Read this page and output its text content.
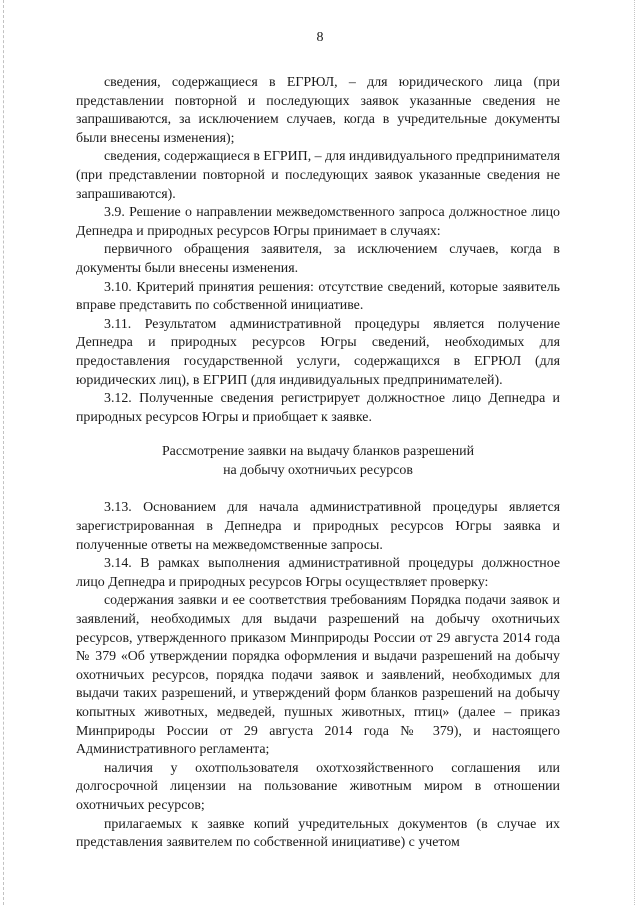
8

сведения, содержащиеся в ЕГРЮЛ, – для юридического лица (при представлении повторной и последующих заявок указанные сведения не запрашиваются, за исключением случаев, когда в учредительные документы были внесены изменения);

сведения, содержащиеся в ЕГРИП, – для индивидуального предпринимателя (при представлении повторной и последующих заявок указанные сведения не запрашиваются).

3.9. Решение о направлении межведомственного запроса должностное лицо Депнедра и природных ресурсов Югры принимает в случаях:

первичного обращения заявителя, за исключением случаев, когда в документы были внесены изменения.

3.10. Критерий принятия решения: отсутствие сведений, которые заявитель вправе представить по собственной инициативе.

3.11. Результатом административной процедуры является получение Депнедра и природных ресурсов Югры сведений, необходимых для предоставления государственной услуги, содержащихся в ЕГРЮЛ (для юридических лиц), в ЕГРИП (для индивидуальных предпринимателей).

3.12. Полученные сведения регистрирует должностное лицо Депнедра и природных ресурсов Югры и приобщает к заявке.

Рассмотрение заявки на выдачу бланков разрешений
на добычу охотничьих ресурсов

3.13. Основанием для начала административной процедуры является зарегистрированная в Депнедра и природных ресурсов Югры заявка и полученные ответы на межведомственные запросы.

3.14. В рамках выполнения административной процедуры должностное лицо Депнедра и природных ресурсов Югры осуществляет проверку:

содержания заявки и ее соответствия требованиям Порядка подачи заявок и заявлений, необходимых для выдачи разрешений на добычу охотничьих ресурсов, утвержденного приказом Минприроды России от 29 августа 2014 года № 379 «Об утверждении порядка оформления и выдачи разрешений на добычу охотничьих ресурсов, порядка подачи заявок и заявлений, необходимых для выдачи таких разрешений, и утверждений форм бланков разрешений на добычу копытных животных, медведей, пушных животных, птиц» (далее – приказ Минприроды России от 29 августа 2014 года № 379), и настоящего Административного регламента;

наличия у охотпользователя охотхозяйственного соглашения или долгосрочной лицензии на пользование животным миром в отношении охотничьих ресурсов;

прилагаемых к заявке копий учредительных документов (в случае их представления заявителем по собственной инициативе) с учетом
